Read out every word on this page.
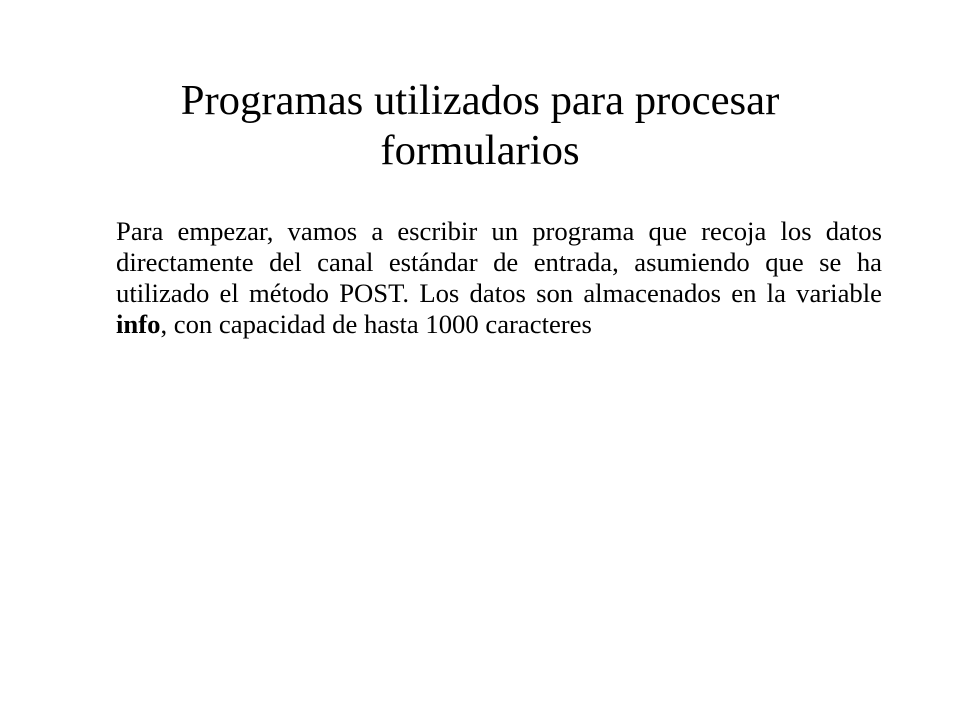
Programas utilizados para procesar formularios

Para empezar, vamos a escribir un programa que recoja los datos directamente del canal estándar de entrada, asumiendo que se ha utilizado el método POST. Los datos son almacenados en la variable info, con capacidad de hasta 1000 caracteres
